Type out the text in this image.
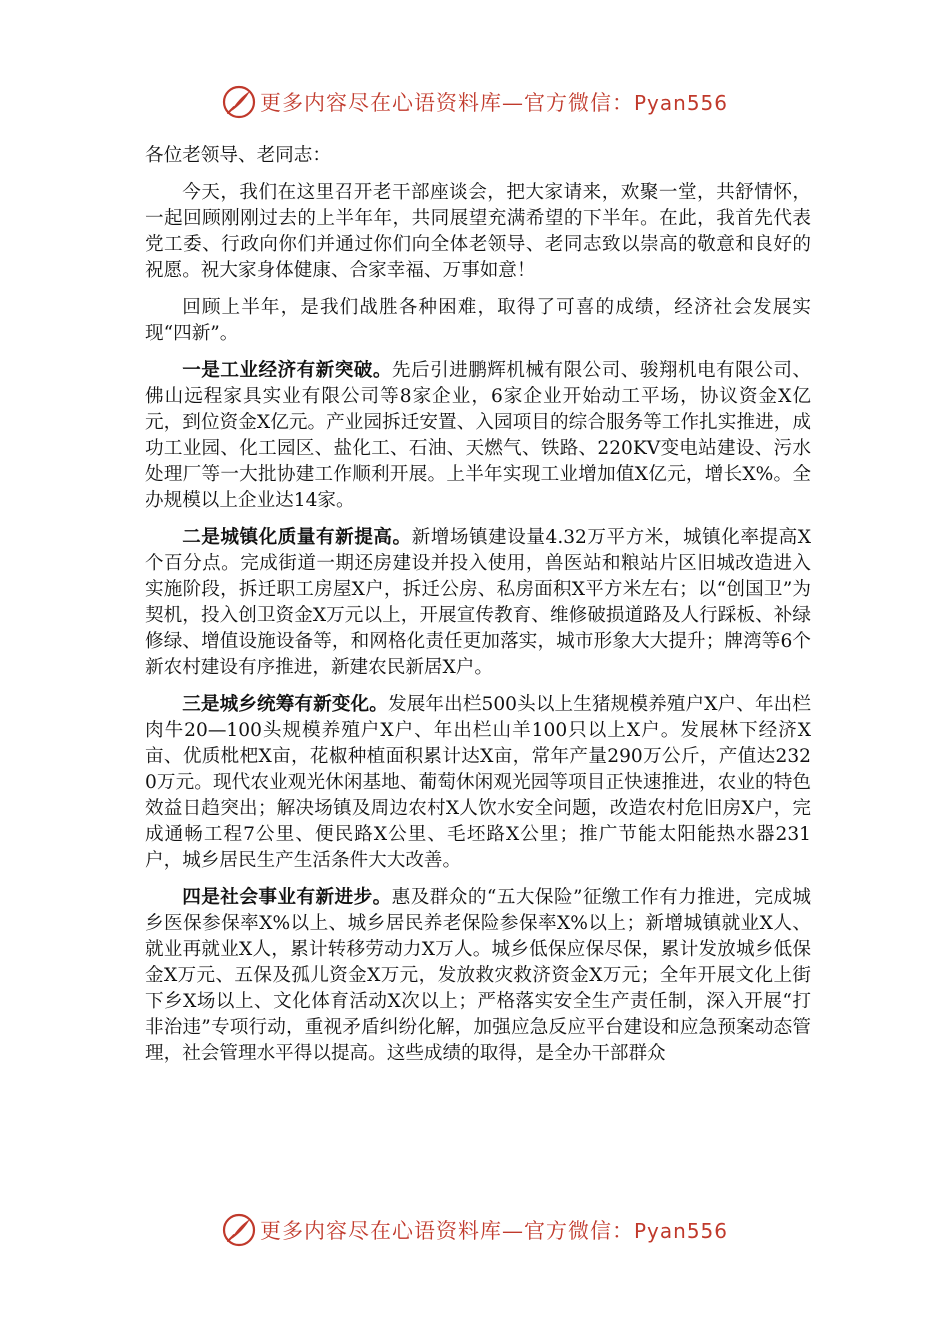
更多内容尽在心语资料库—官方微信：Pyan556

各位老领导、老同志：

今天，我们在这里召开老干部座谈会，把大家请来，欢聚一堂，共舒情怀，一起回顾刚刚过去的上半年年，共同展望充满希望的下半年。在此，我首先代表党工委、行政向你们并通过你们向全体老领导、老同志致以崇高的敬意和良好的祝愿。祝大家身体健康、合家幸福、万事如意！

回顾上半年，是我们战胜各种困难，取得了可喜的成绩，经济社会发展实现“四新”。

一是工业经济有新突破。先后引进鹏辉机械有限公司、骏翔机电有限公司、佛山远程家具实业有限公司等8家企业，6家企业开始动工平场，协议资金X亿元，到位资金X亿元。产业园拆迁安置、入园项目的综合服务等工作扎实推进，成功工业园、化工园区、盐化工、石油、天燃气、铁路、220KV变电站建设、污水处理厂等一大批协建工作顺利开展。上半年实现工业增加值X亿元，增长X%。全办规模以上企业达14家。

二是城镇化质量有新提高。新增场镇建设量4.32万平方米，城镇化率提高X个百分点。完成街道一期还房建设并投入使用，兽医站和粮站片区旧城改造进入实施阶段，拆迁职工房屋X户，拆迁公房、私房面积X平方米左右；以“创国卫”为契机，投入创卫资金X万元以上，开展宣传教育、维修破损道路及人行踩板、补绿修绿、增值设施设备等，和网格化责任更加落实，城市形象大大提升；牌湾等6个新农村建设有序推进，新建农民新居X户。

三是城乡统筹有新变化。发展年出栏500头以上生猪规模养殖户X户、年出栏肉牛20—100头规模养殖户X户、年出栏山羊100只以上X户。发展林下经济X亩、优质枇杷X亩，花椒种植面积累计达X亩，常年产量290万公斤，产值达2320万元。现代农业观光休闲基地、葡萄休闲观光园等项目正快速推进，农业的特色效益日趋突出；解决场镇及周边农村X人饮水安全问题，改造农村危旧房X户，完成通畅工程7公里、便民路X公里、毛坯路X公里；推广节能太阳能热水器231户，城乡居民生产生活条件大大改善。

四是社会事业有新进步。惠及群众的“五大保险”征缴工作有力推进，完成城乡医保参保率X%以上、城乡居民养老保险参保率X%以上；新增城镇就业X人、就业再就业X人，累计转移劳动力X万人。城乡低保应保尽保，累计发放城乡低保金X万元、五保及孤儿资金X万元，发放救灾救济资金X万元；全年开展文化上街下乡X场以上、文化体育活动X次以上；严格落实安全生产责任制，深入开展“打非治违”专项行动，重视矛盾纠纷化解，加强应急反应平台建设和应急预案动态管理，社会管理水平得以提高。这些成绩的取得，是全办干部群众

更多内容尽在心语资料库—官方微信：Pyan556
